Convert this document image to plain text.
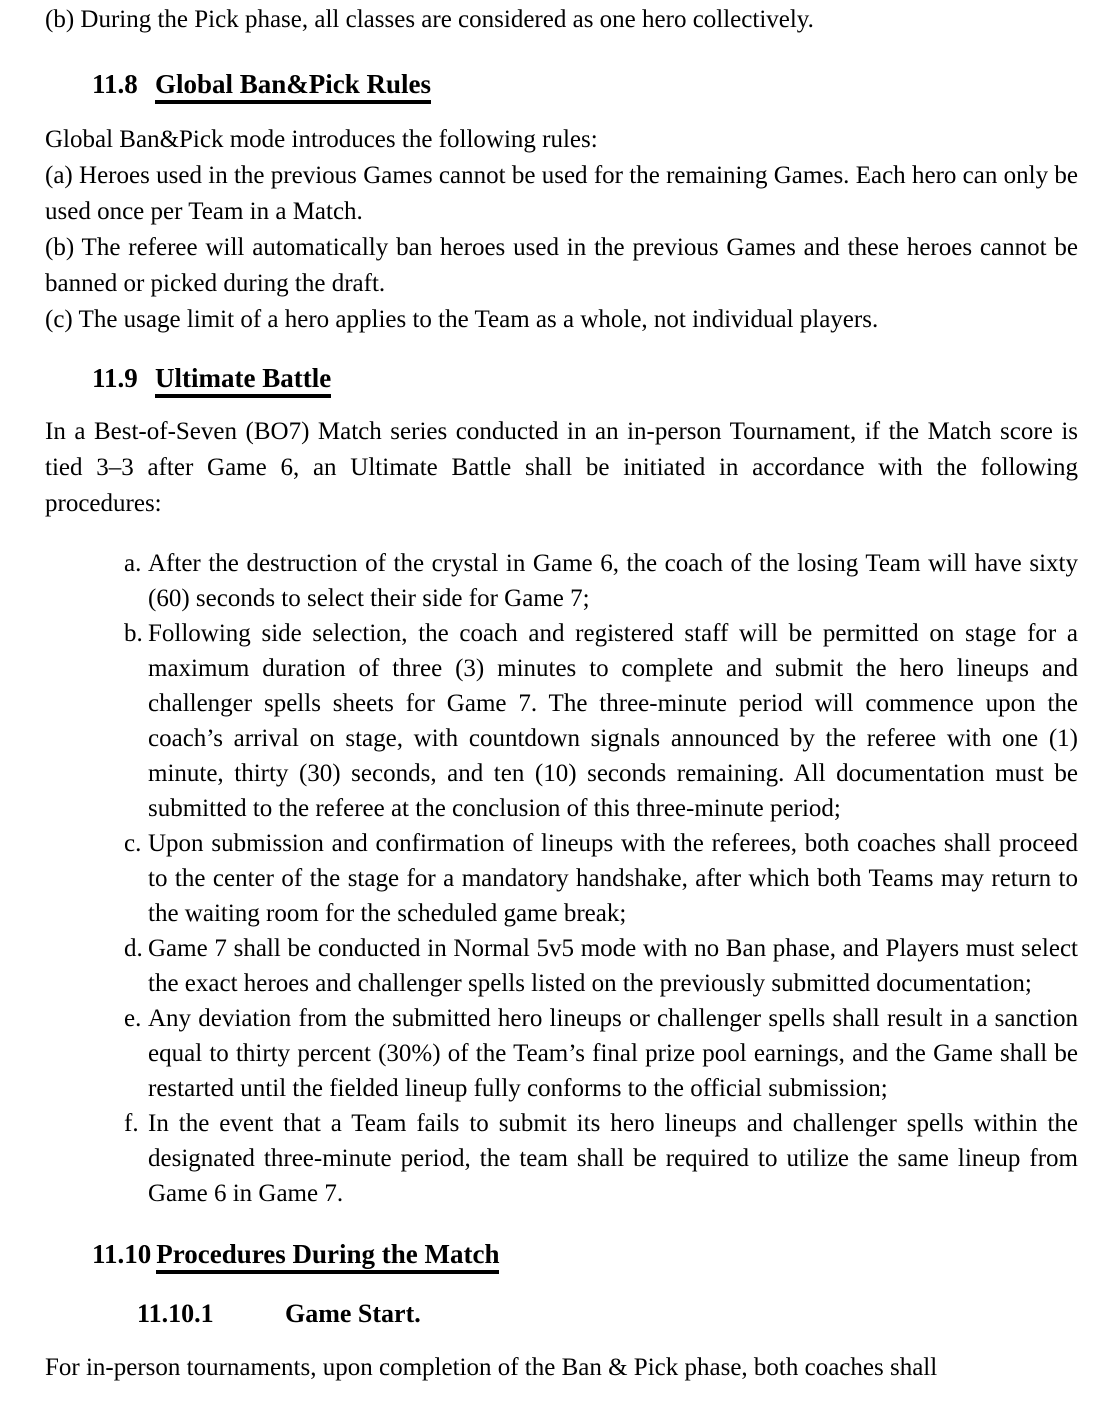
(b) During the Pick phase, all classes are considered as one hero collectively.
11.8 Global Ban&Pick Rules
Global Ban&Pick mode introduces the following rules:
(a) Heroes used in the previous Games cannot be used for the remaining Games. Each hero can only be used once per Team in a Match.
(b) The referee will automatically ban heroes used in the previous Games and these heroes cannot be banned or picked during the draft.
(c) The usage limit of a hero applies to the Team as a whole, not individual players.
11.9 Ultimate Battle
In a Best-of-Seven (BO7) Match series conducted in an in-person Tournament, if the Match score is tied 3–3 after Game 6, an Ultimate Battle shall be initiated in accordance with the following procedures:
a. After the destruction of the crystal in Game 6, the coach of the losing Team will have sixty (60) seconds to select their side for Game 7;
b. Following side selection, the coach and registered staff will be permitted on stage for a maximum duration of three (3) minutes to complete and submit the hero lineups and challenger spells sheets for Game 7. The three-minute period will commence upon the coach’s arrival on stage, with countdown signals announced by the referee with one (1) minute, thirty (30) seconds, and ten (10) seconds remaining. All documentation must be submitted to the referee at the conclusion of this three-minute period;
c. Upon submission and confirmation of lineups with the referees, both coaches shall proceed to the center of the stage for a mandatory handshake, after which both Teams may return to the waiting room for the scheduled game break;
d. Game 7 shall be conducted in Normal 5v5 mode with no Ban phase, and Players must select the exact heroes and challenger spells listed on the previously submitted documentation;
e. Any deviation from the submitted hero lineups or challenger spells shall result in a sanction equal to thirty percent (30%) of the Team’s final prize pool earnings, and the Game shall be restarted until the fielded lineup fully conforms to the official submission;
f. In the event that a Team fails to submit its hero lineups and challenger spells within the designated three-minute period, the team shall be required to utilize the same lineup from Game 6 in Game 7.
11.10 Procedures During the Match
11.10.1	Game Start.
For in-person tournaments, upon completion of the Ban & Pick phase, both coaches shall
